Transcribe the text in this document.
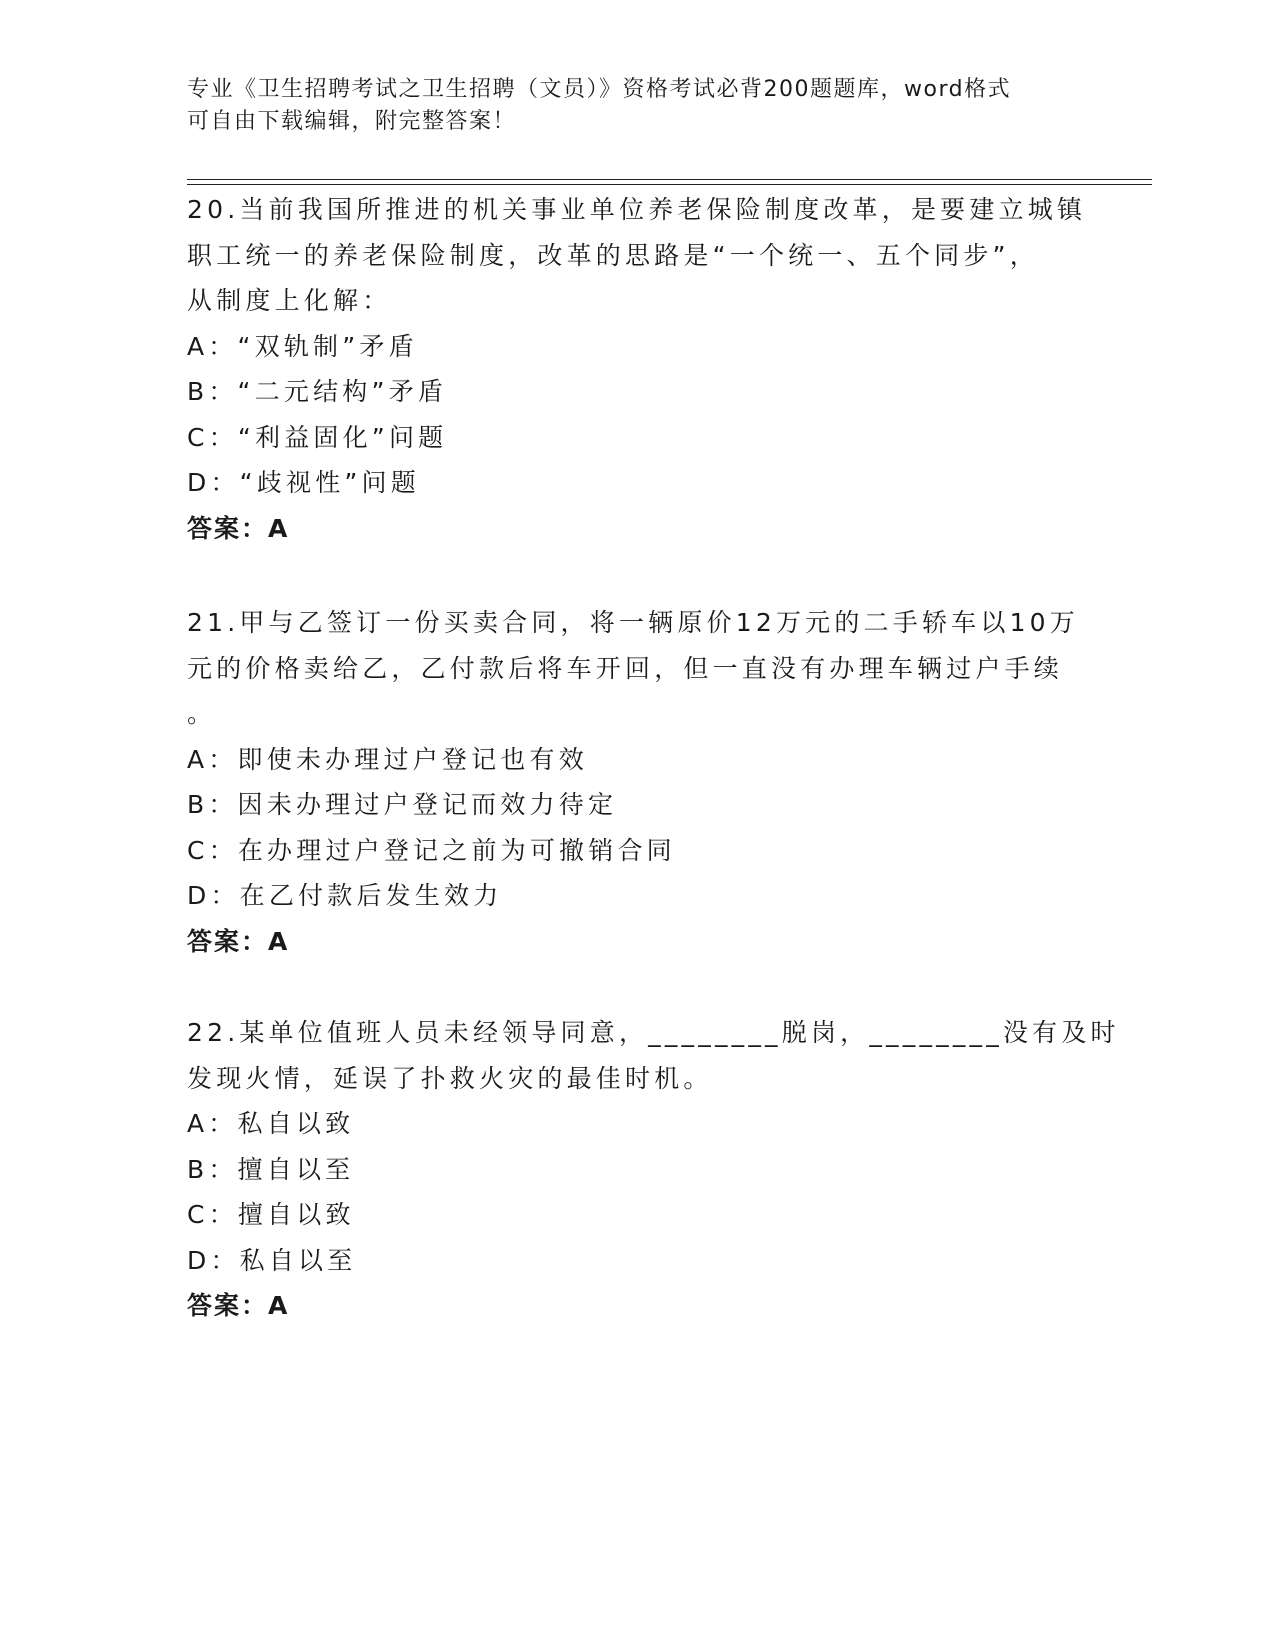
专业《卫生招聘考试之卫生招聘（文员）》资格考试必背200题题库，word格式
可自由下载编辑，附完整答案！
20.当前我国所推进的机关事业单位养老保险制度改革，是要建立城镇
职工统一的养老保险制度，改革的思路是“一个统一、五个同步”，
从制度上化解：
A：“双轨制”矛盾
B：“二元结构”矛盾
C：“利益固化”问题
D：“歧视性”问题
答案：A
21.甲与乙签订一份买卖合同，将一辆原价12万元的二手轿车以10万
元的价格卖给乙，乙付款后将车开回，但一直没有办理车辆过户手续
。
A：即使未办理过户登记也有效
B：因未办理过户登记而效力待定
C：在办理过户登记之前为可撤销合同
D：在乙付款后发生效力
答案：A
22.某单位值班人员未经领导同意，________脱岗，________没有及时
发现火情，延误了扑救火灾的最佳时机。
A：私自以致
B：擅自以至
C：擅自以致
D：私自以至
答案：A
